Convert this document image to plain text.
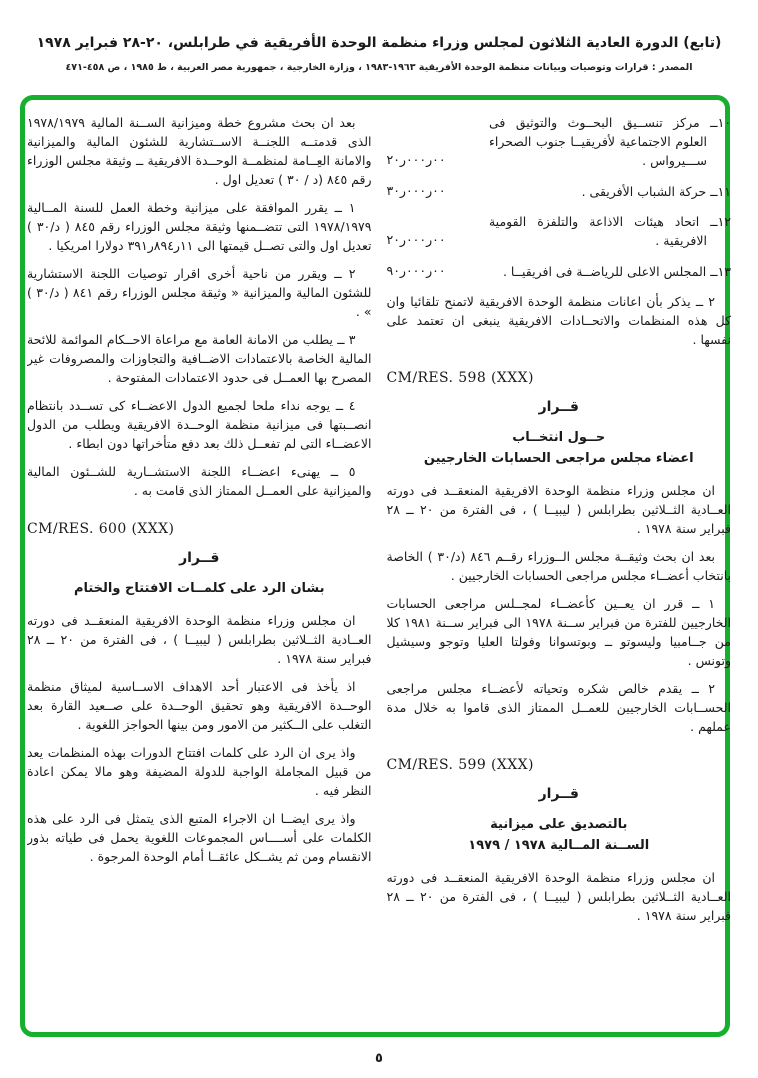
(تابع) الدورة العادية الثلاثون لمجلس وزراء منظمة الوحدة الأفريقية في طرابلس، ٢٠-٢٨ فبراير ١٩٧٨
المصدر : قرارات وتوصيات وبيانات منظمة الوحدة الأفريقية ١٩٦٣-١٩٨٣ ، وزارة الخارجية ، جمهورية مصر العربية ، ط ١٩٨٥ ، ص ٤٥٨-٤٧١
١٠ــ مركز تنســيق البحــوث والتوثيق فى العلوم الاجتماعية لأفريقيــا جنوب الصحراء ســـيرواس .
٢٠ر٠٠٠ر٠٠
١١ــ حركة الشباب الأفريقى .
٣٠ر٠٠٠ر٠٠
١٢ــ اتحاد هيئات الاذاعة والتلفزة القومية الافريقية .
٢٠ر٠٠٠ر٠٠
١٣ــ المجلس الاعلى للرياضــة فى افريقيــا .
٩٠ر٠٠٠ر٠٠

٢ ــ يذكر بأن اعانات منظمة الوحدة الافريقية لاتمنح تلقائيا وان كل هذه المنظمات والاتحــادات الافريقية ينبغى ان تعتمد على نفسها .

CM/RES. 598 (XXX)
قــرار
حــول انتخــاب
اعضاء مجلس مراجعى الحسابات الخارجيين

ان مجلس وزراء منظمة الوحدة الافريقية المنعقــد فى دورته العــادية الثــلاثين بطرابلس ( ليبيــا ) ، فى الفترة من ٢٠ ــ ٢٨ فبراير سنة ١٩٧٨ .

بعد ان بحث وثيقــة مجلس الــوزراء رقــم ٨٤٦ (د/٣٠ ) الخاصة بانتخاب أعضــاء مجلس مراجعى الحسابات الخارجيين .

١ ــ قرر ان يعــين كأعضــاء لمجــلس مراجعى الحسابات الخارجيين للفترة من فبراير ســنة ١٩٧٨ الى فبراير ســنة ١٩٨١ كلا من جــامبيا وليسوتو ــ وبوتسوانا وفولتا العليا وتوجو وسيشيل وتونس .

٢ ــ يقدم خالص شكره وتحياته لأعضــاء مجلس مراجعى الحســابات الخارجيين للعمــل الممتاز الذى قاموا به خلال مدة عملهم .

CM/RES. 599 (XXX)
قــرار
بالتصديق على ميزانية
الســنة المــالية ١٩٧٨ / ١٩٧٩

ان مجلس وزراء منظمة الوحدة الافريقية المنعقــد فى دورته العــادية الثــلاثين بطرابلس ( ليبيــا ) ، فى الفترة من ٢٠ ــ ٢٨ فبراير سنة ١٩٧٨ .

بعد ان بحث مشروع خطة وميزانية الســنة المالية ١٩٧٨/١٩٧٩ الذى قدمتــه اللجنــة الاســتشارية للشئون المالية والميزانية والامانة العِــامة لمنظمــة الوحــدة الافريقية ــ وثيقة مجلس الوزراء رقم ٨٤٥ (د / ٣٠ ) تعديل اول .

١ ــ يقرر الموافقة على ميزانية وخطة العمل للسنة المــالية ١٩٧٨/١٩٧٩ التى تتضــمنها وثيقة مجلس الوزراء رقم ٨٤٥ ( د/٣٠ ) تعديل اول والتى تصــل قيمتها الى ١١ر٨٩٤ر٣٩١ دولارا امريكيا .

٢ ــ ويقرر من ناحية أخرى اقرار توصيات اللجنة الاستشارية للشئون المالية والميزانية « وثيقة مجلس الوزراء رقم ٨٤١ ( د/٣٠ ) » .

٣ ــ يطلب من الامانة العامة مع مراعاة الاحــكام الموائمة للائحة المالية الخاصة بالاعتمادات الاضــافية والتجاوزات والمصروفات غير المصرح بها العمــل فى حدود الاعتمادات المفتوحة .

٤ ــ يوجه نداء ملحا لجميع الدول الاعضــاء كى تســدد بانتظام انصــبتها فى ميزانية منظمة الوحــدة الافريقية ويطلب من الدول الاعضــاء التى لم تفعــل ذلك بعد دفع متأخراتها دون ابطاء .

٥ ــ يهنىء اعضــاء اللجنة الاستشــارية للشــئون المالية والميزانية على العمــل الممتاز الذى قامت به .

CM/RES. 600 (XXX)
قــرار
بشان الرد على كلمــات الافتتاح والختام

ان مجلس وزراء منظمة الوحدة الافريقية المنعقــد فى دورته العــادية الثــلاثين بطرابلس ( ليبيــا ) ، فى الفترة من ٢٠ ــ ٢٨ فبراير سنة ١٩٧٨ .

اذ يأخذ فى الاعتبار أحد الاهداف الاســاسية لميثاق منظمة الوحــدة الافريقية وهو تحقيق الوحــدة على صــعيد القارة بعد التغلب على الــكثير من الامور ومن بينها الحواجز اللغوية .

واذ يرى ان الرد على كلمات افتتاح الدورات بهذه المنظمات يعد من قبيل المجاملة الواجبة للدولة المضيفة وهو مالا يمكن اعادة النظر فيه .

واذ يرى ايضــا ان الاجراء المتبع الذى يتمثل فى الرد على هذه الكلمات على أســــاس المجموعات اللغوية يحمل فى طياته بذور الانقسام ومن ثم يشــكل عائقــا أمام الوحدة المرجوة .

٥
